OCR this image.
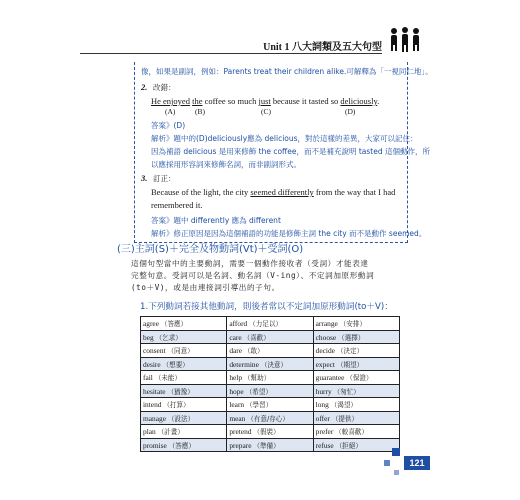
Unit 1 八大詞類及五大句型
像，如果是副詞，例如：Parents treat their children alike.可解釋為「一視同仁地」。
2. 改錯：
He enjoyed the coffee so much just because it tasted so deliciously.
(A)	(B)	(C)	(D)
答案》(D)
解析》題中的(D)deliciously應為 delicious，對於這樣的差異，大家可以記住：
因為補語 delicious 是用來修飾 the coffee，而不是補充說明 tasted 這個動作，所
以應採用形容詞來修飾名詞，而非副詞形式。
3. 訂正：
Because of the light, the city seemed differently from the way that I had
remembered it.
答案》題中 differently 應為 different
解析》修正原因是因為這個補語的功能是修飾主詞 the city 而不是動作 seemed。
(三)主詞(S)＋完全及物動詞(Vt)＋受詞(O)
這個句型當中的主要動詞，需要一個動作接收者（受詞）才能表達
完整句意。受詞可以是名詞、動名詞（V-ing）、不定詞加原形動詞
(to＋V)，或是由連接詞引導出的子句。
1.下列動詞若接其他動詞，則後者常以不定詞加原形動詞(to＋V)：
agree （答應）	afford （力足以）	arrange （安排）
beg （乞求）	care （喜歡）	choose （選擇）
consent （同意）	dare （敢）	decide （決定）
desire （想要）	determine （決意）	expect （期望）
fail （未能）	help （幫助）	guarantee （保證）
hesitate （猶豫）	hope （希望）	hurry （匆忙）
intend （打算）	learn （學習）	long （渴望）
manage （設法）	mean （有意/存心）	offer （提供）
plan （計畫）	pretend （假裝）	prefer （較喜歡）
promise （答應）	prepare （準備）	refuse （拒絕）
121
